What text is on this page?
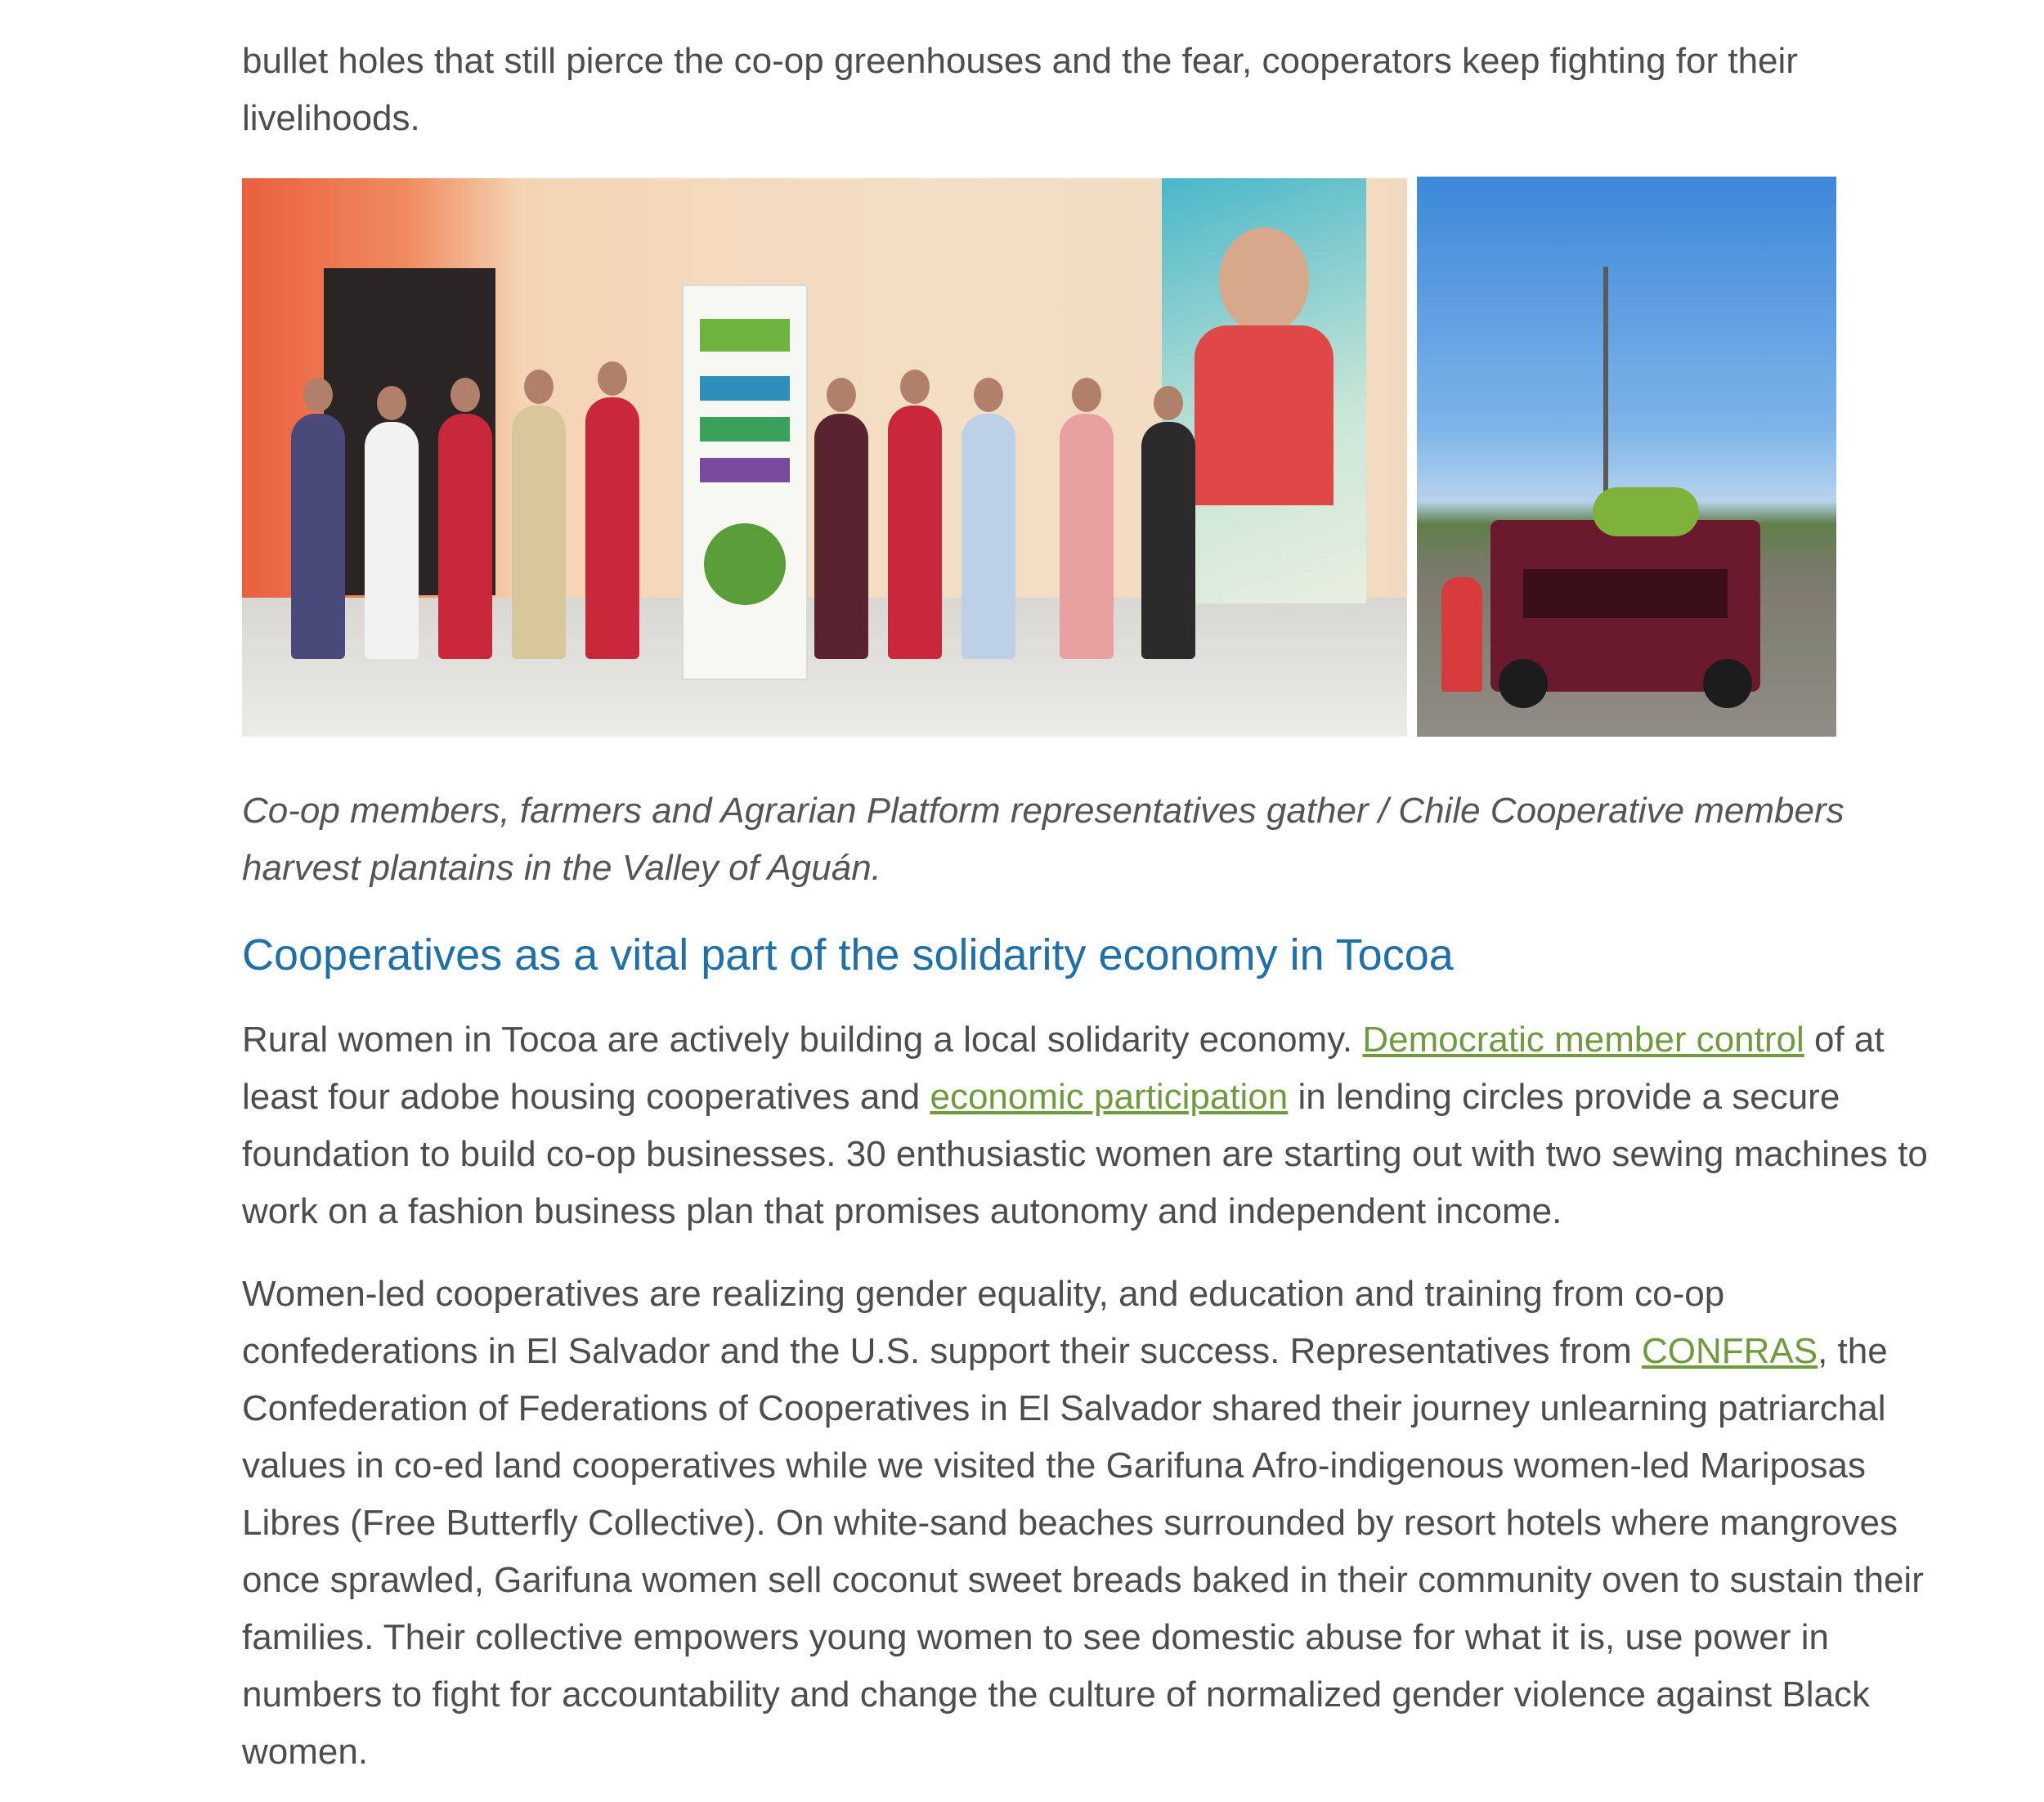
bullet holes that still pierce the co-op greenhouses and the fear, cooperators keep fighting for their livelihoods.

Co-op members, farmers and Agrarian Platform representatives gather / Chile Cooperative members harvest plantains in the Valley of Aguán.

Cooperatives as a vital part of the solidarity economy in Tocoa

Rural women in Tocoa are actively building a local solidarity economy. Democratic member control of at least four adobe housing cooperatives and economic participation in lending circles provide a secure foundation to build co-op businesses. 30 enthusiastic women are starting out with two sewing machines to work on a fashion business plan that promises autonomy and independent income.

Women-led cooperatives are realizing gender equality, and education and training from co-op confederations in El Salvador and the U.S. support their success. Representatives from CONFRAS, the Confederation of Federations of Cooperatives in El Salvador shared their journey unlearning patriarchal values in co-ed land cooperatives while we visited the Garifuna Afro-indigenous women-led Mariposas Libres (Free Butterfly Collective). On white-sand beaches surrounded by resort hotels where mangroves once sprawled, Garifuna women sell coconut sweet breads baked in their community oven to sustain their families. Their collective empowers young women to see domestic abuse for what it is, use power in numbers to fight for accountability and change the culture of normalized gender violence against Black women.
